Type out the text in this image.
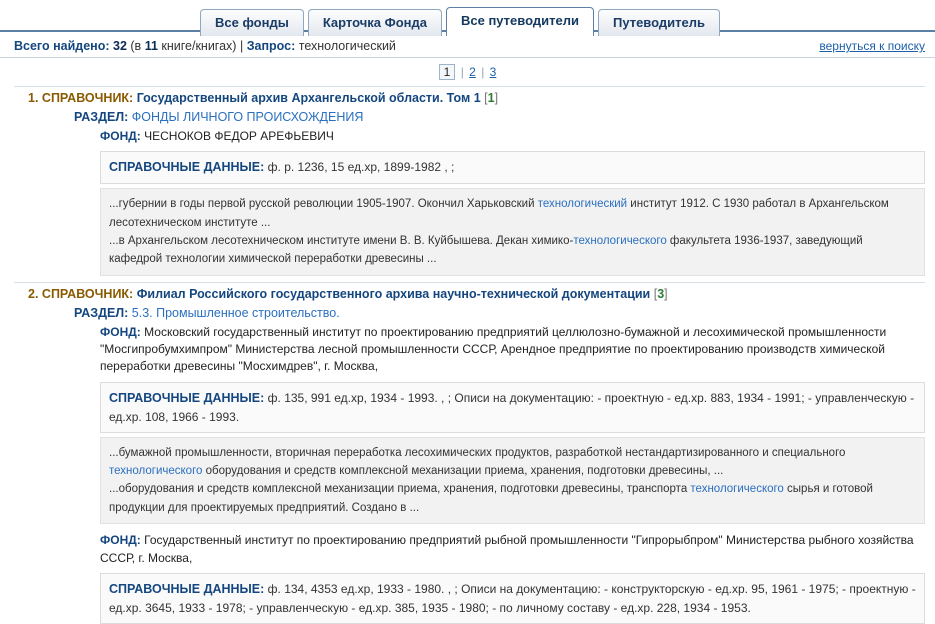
Все фонды	Карточка Фонда	Все путеводители	Путеводитель
Всего найдено: 32 (в 11 книге/книгах) | Запрос: технологический	вернуться к поиску
1 | 2 | 3
1. СПРАВОЧНИК: Государственный архив Архангельской области. Том 1 [1]
РАЗДЕЛ: ФОНДЫ ЛИЧНОГО ПРОИСХОЖДЕНИЯ
ФОНД: ЧЕСНОКОВ ФЕДОР АРЕФЬЕВИЧ
СПРАВОЧНЫЕ ДАННЫЕ: ф. р. 1236, 15 ед.хр, 1899-1982 , ;
...губернии в годы первой русской революции 1905-1907. Окончил Харьковский технологический институт 1912. С 1930 работал в Архангельском лесотехническом институте ...
...в Архангельском лесотехническом институте имени В. В. Куйбышева. Декан химико-технологического факультета 1936-1937, заведующий кафедрой технологии химической переработки древесины ...
2. СПРАВОЧНИК: Филиал Российского государственного архива научно-технической документации [3]
РАЗДЕЛ: 5.3. Промышленное строительство.
ФОНД: Московский государственный институт по проектированию предприятий целлюлозно-бумажной и лесохимической промышленности "Мосгипробумхимпром" Министерства лесной промышленности СССР, Арендное предприятие по проектированию производств химической переработки древесины "Мосхимдрев", г. Москва,
СПРАВОЧНЫЕ ДАННЫЕ: ф. 135, 991 ед.хр, 1934 - 1993. , ; Описи на документацию: - проектную - ед.хр. 883, 1934 - 1991; - управленческую - ед.хр. 108, 1966 - 1993.
...бумажной промышленности, вторичная переработка лесохимических продуктов, разработкой нестандартизированного и специального технологического оборудования и средств комплексной механизации приема, хранения, подготовки древесины, ...
...оборудования и средств комплексной механизации приема, хранения, подготовки древесины, транспорта технологического сырья и готовой продукции для проектируемых предприятий. Создано в ...
ФОНД: Государственный институт по проектированию предприятий рыбной промышленности "Гипрорыбпром" Министерства рыбного хозяйства СССР, г. Москва,
СПРАВОЧНЫЕ ДАННЫЕ: ф. 134, 4353 ед.хр, 1933 - 1980. , ; Описи на документацию: - конструкторскую - ед.хр. 95, 1961 - 1975; - проектную - ед.хр. 3645, 1933 - 1978; - управленческую - ед.хр. 385, 1935 - 1980; - по личному составу - ед.хр. 228, 1934 - 1953.
